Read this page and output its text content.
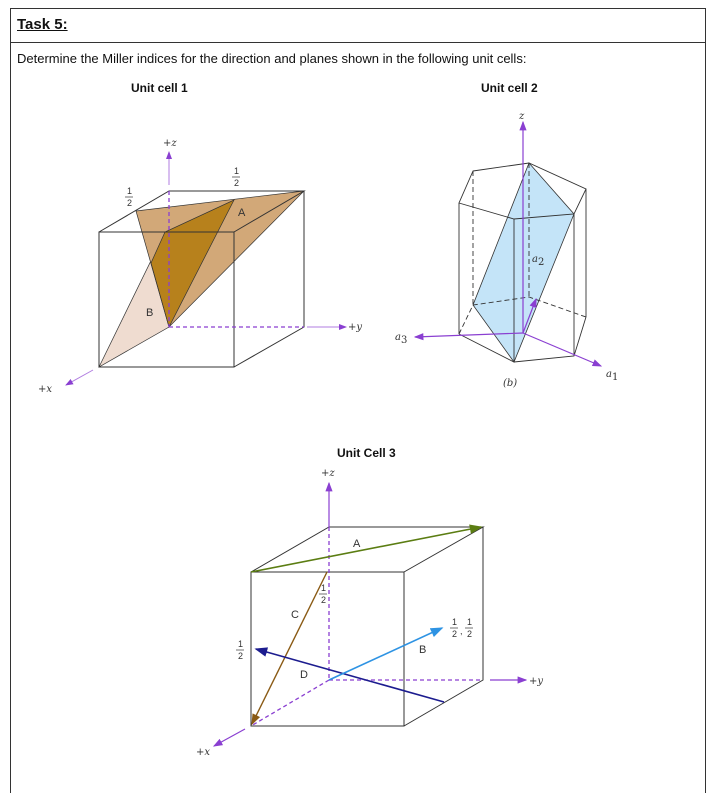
Task 5:
Determine the Miller indices for the direction and planes shown in the following unit cells:
Unit cell 1	Unit cell 2
Unit Cell 3
+z
+y
+x
A
B
1
2
1
2
z
a3
a1
a2
(b)
+z
+y
+x
A
C
D
B
1
2
1
2
1
2 ,
1
2
